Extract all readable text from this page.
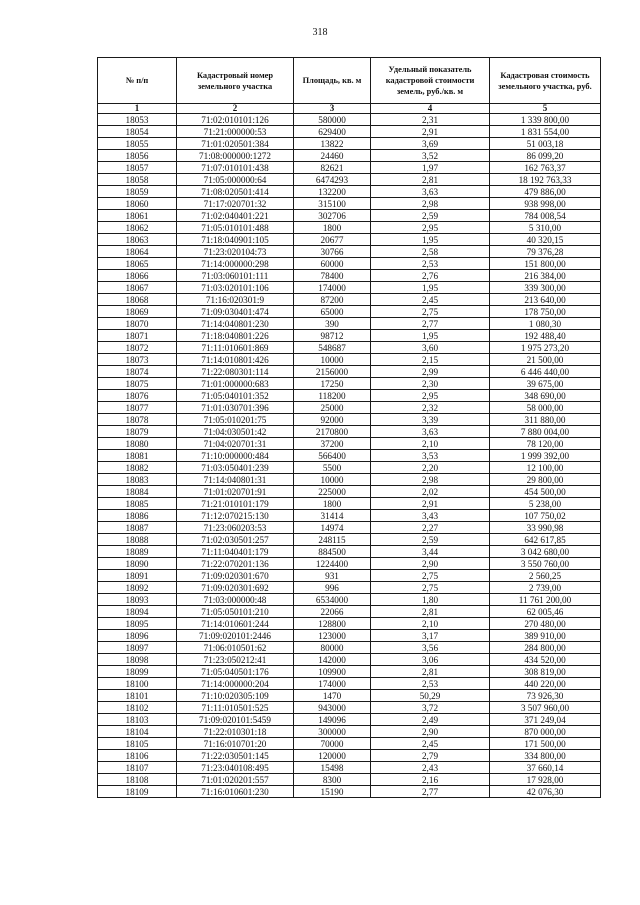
318
№ п/п	Кадастровый номер земельного участка	Площадь, кв. м	Удельный показатель кадастровой стоимости земель, руб./кв. м	Кадастровая стоимость земельного участка, руб.
1	2	3	4	5
18053	71:02:010101:126	580000	2,31	1 339 800,00
18054	71:21:000000:53	629400	2,91	1 831 554,00
18055	71:01:020501:384	13822	3,69	51 003,18
18056	71:08:000000:1272	24460	3,52	86 099,20
18057	71:07:010101:438	82621	1,97	162 763,37
18058	71:05:000000:64	6474293	2,81	18 192 763,33
18059	71:08:020501:414	132200	3,63	479 886,00
18060	71:17:020701:32	315100	2,98	938 998,00
18061	71:02:040401:221	302706	2,59	784 008,54
18062	71:05:010101:488	1800	2,95	5 310,00
18063	71:18:040901:105	20677	1,95	40 320,15
18064	71:23:020104:73	30766	2,58	79 376,28
18065	71:14:000000:298	60000	2,53	151 800,00
18066	71:03:060101:111	78400	2,76	216 384,00
18067	71:03:020101:106	174000	1,95	339 300,00
18068	71:16:020301:9	87200	2,45	213 640,00
18069	71:09:030401:474	65000	2,75	178 750,00
18070	71:14:040801:230	390	2,77	1 080,30
18071	71:18:040801:226	98712	1,95	192 488,40
18072	71:11:010601:869	548687	3,60	1 975 273,20
18073	71:14:010801:426	10000	2,15	21 500,00
18074	71:22:080301:114	2156000	2,99	6 446 440,00
18075	71:01:000000:683	17250	2,30	39 675,00
18076	71:05:040101:352	118200	2,95	348 690,00
18077	71:01:030701:396	25000	2,32	58 000,00
18078	71:05:010201:75	92000	3,39	311 880,00
18079	71:04:030501:42	2170800	3,63	7 880 004,00
18080	71:04:020701:31	37200	2,10	78 120,00
18081	71:10:000000:484	566400	3,53	1 999 392,00
18082	71:03:050401:239	5500	2,20	12 100,00
18083	71:14:040801:31	10000	2,98	29 800,00
18084	71:01:020701:91	225000	2,02	454 500,00
18085	71:21:010101:179	1800	2,91	5 238,00
18086	71:12:070215:130	31414	3,43	107 750,02
18087	71:23:060203:53	14974	2,27	33 990,98
18088	71:02:030501:257	248115	2,59	642 617,85
18089	71:11:040401:179	884500	3,44	3 042 680,00
18090	71:22:070201:136	1224400	2,90	3 550 760,00
18091	71:09:020301:670	931	2,75	2 560,25
18092	71:09:020301:692	996	2,75	2 739,00
18093	71:03:000000:48	6534000	1,80	11 761 200,00
18094	71:05:050101:210	22066	2,81	62 005,46
18095	71:14:010601:244	128800	2,10	270 480,00
18096	71:09:020101:2446	123000	3,17	389 910,00
18097	71:06:010501:62	80000	3,56	284 800,00
18098	71:23:050212:41	142000	3,06	434 520,00
18099	71:05:040501:176	109900	2,81	308 819,00
18100	71:14:000000:204	174000	2,53	440 220,00
18101	71:10:020305:109	1470	50,29	73 926,30
18102	71:11:010501:525	943000	3,72	3 507 960,00
18103	71:09:020101:5459	149096	2,49	371 249,04
18104	71:22:010301:18	300000	2,90	870 000,00
18105	71:16:010701:20	70000	2,45	171 500,00
18106	71:22:030501:145	120000	2,79	334 800,00
18107	71:23:040108:495	15498	2,43	37 660,14
18108	71:01:020201:557	8300	2,16	17 928,00
18109	71:16:010601:230	15190	2,77	42 076,30
